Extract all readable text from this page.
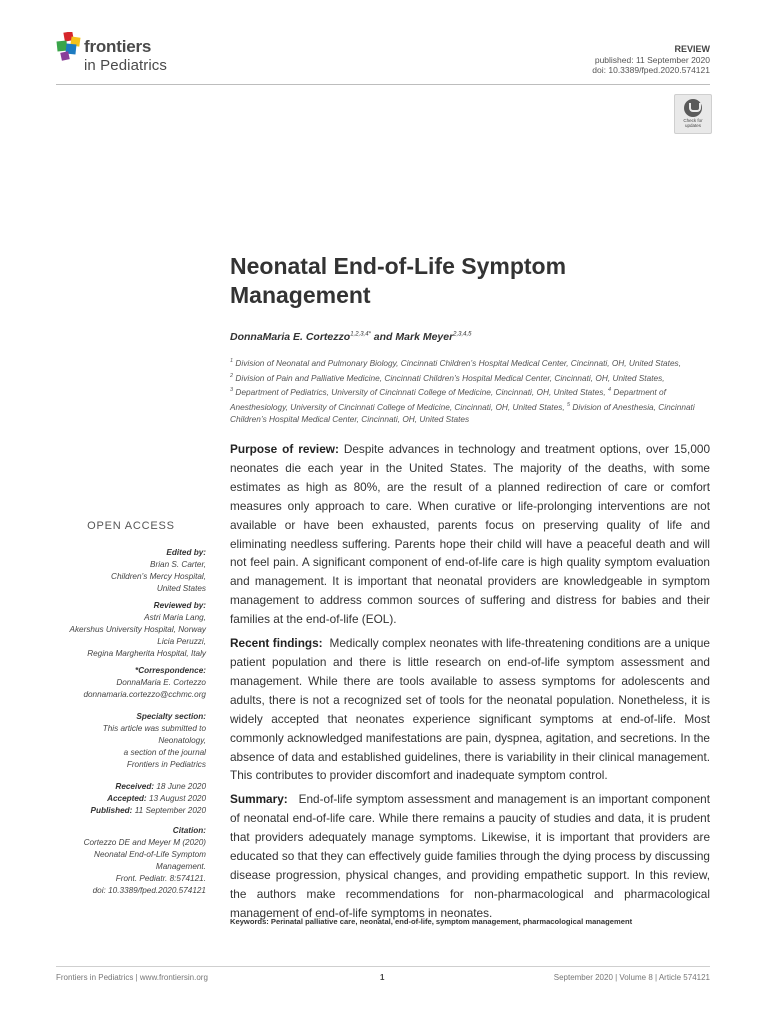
frontiers
in Pediatrics
REVIEW
published: 11 September 2020
doi: 10.3389/fped.2020.574121
Check for updates
Neonatal End-of-Life Symptom Management
DonnaMaria E. Cortezzo$^{1,2,3,4*}$ and Mark Meyer$^{2,3,4,5}$
$^1$ Division of Neonatal and Pulmonary Biology, Cincinnati Children’s Hospital Medical Center, Cincinnati, OH, United States,
$^2$ Division of Pain and Palliative Medicine, Cincinnati Children’s Hospital Medical Center, Cincinnati, OH, United States,
$^3$ Department of Pediatrics, University of Cincinnati College of Medicine, Cincinnati, OH, United States, $^4$ Department of Anesthesiology, University of Cincinnati College of Medicine, Cincinnati, OH, United States, $^5$ Division of Anesthesia, Cincinnati Children’s Hospital Medical Center, Cincinnati, OH, United States

Purpose of review: Despite advances in technology and treatment options, over 15,000 neonates die each year in the United States. The majority of the deaths, with some estimates as high as 80%, are the result of a planned redirection of care or comfort measures only approach to care. When curative or life-prolonging interventions are not available or have been exhausted, parents focus on preserving quality of life and eliminating needless suffering. Parents hope their child will have a peaceful death and will not feel pain. A significant component of end-of-life care is high quality symptom evaluation and management. It is important that neonatal providers are knowledgeable in symptom management to address common sources of suffering and distress for babies and their families at the end-of-life (EOL).

Recent findings: Medically complex neonates with life-threatening conditions are a unique patient population and there is little research on end-of-life symptom assessment and management. While there are tools available to assess symptoms for adolescents and adults, there is not a recognized set of tools for the neonatal population. Nonetheless, it is widely accepted that neonates experience significant symptoms at end-of-life. Most commonly acknowledged manifestations are pain, dyspnea, agitation, and secretions. In the absence of data and established guidelines, there is variability in their clinical management. This contributes to provider discomfort and inadequate symptom control.

Summary: End-of-life symptom assessment and management is an important component of neonatal end-of-life care. While there remains a paucity of studies and data, it is prudent that providers adequately manage symptoms. Likewise, it is important that providers are educated so that they can effectively guide families through the dying process by discussing disease progression, physical changes, and providing empathetic support. In this review, the authors make recommendations for non-pharmacological and pharmacological management of end-of-life symptoms in neonates.

Keywords: Perinatal palliative care, neonatal, end-of-life, symptom management, pharmacological management
OPEN ACCESS
Edited by:
Brian S. Carter,
Children’s Mercy Hospital,
United States
Reviewed by:
Astri Maria Lang,
Akershus University Hospital, Norway
Licia Peruzzi,
Regina Margherita Hospital, Italy
*Correspondence:
DonnaMaria E. Cortezzo
donnamaria.cortezzo@cchmc.org
Specialty section:
This article was submitted to
Neonatology,
a section of the journal
Frontiers in Pediatrics
Received: 18 June 2020
Accepted: 13 August 2020
Published: 11 September 2020
Citation:
Cortezzo DE and Meyer M (2020)
Neonatal End-of-Life Symptom
Management.
Front. Pediatr. 8:574121.
doi: 10.3389/fped.2020.574121
Frontiers in Pediatrics | www.frontiersin.org	1	September 2020 | Volume 8 | Article 574121
